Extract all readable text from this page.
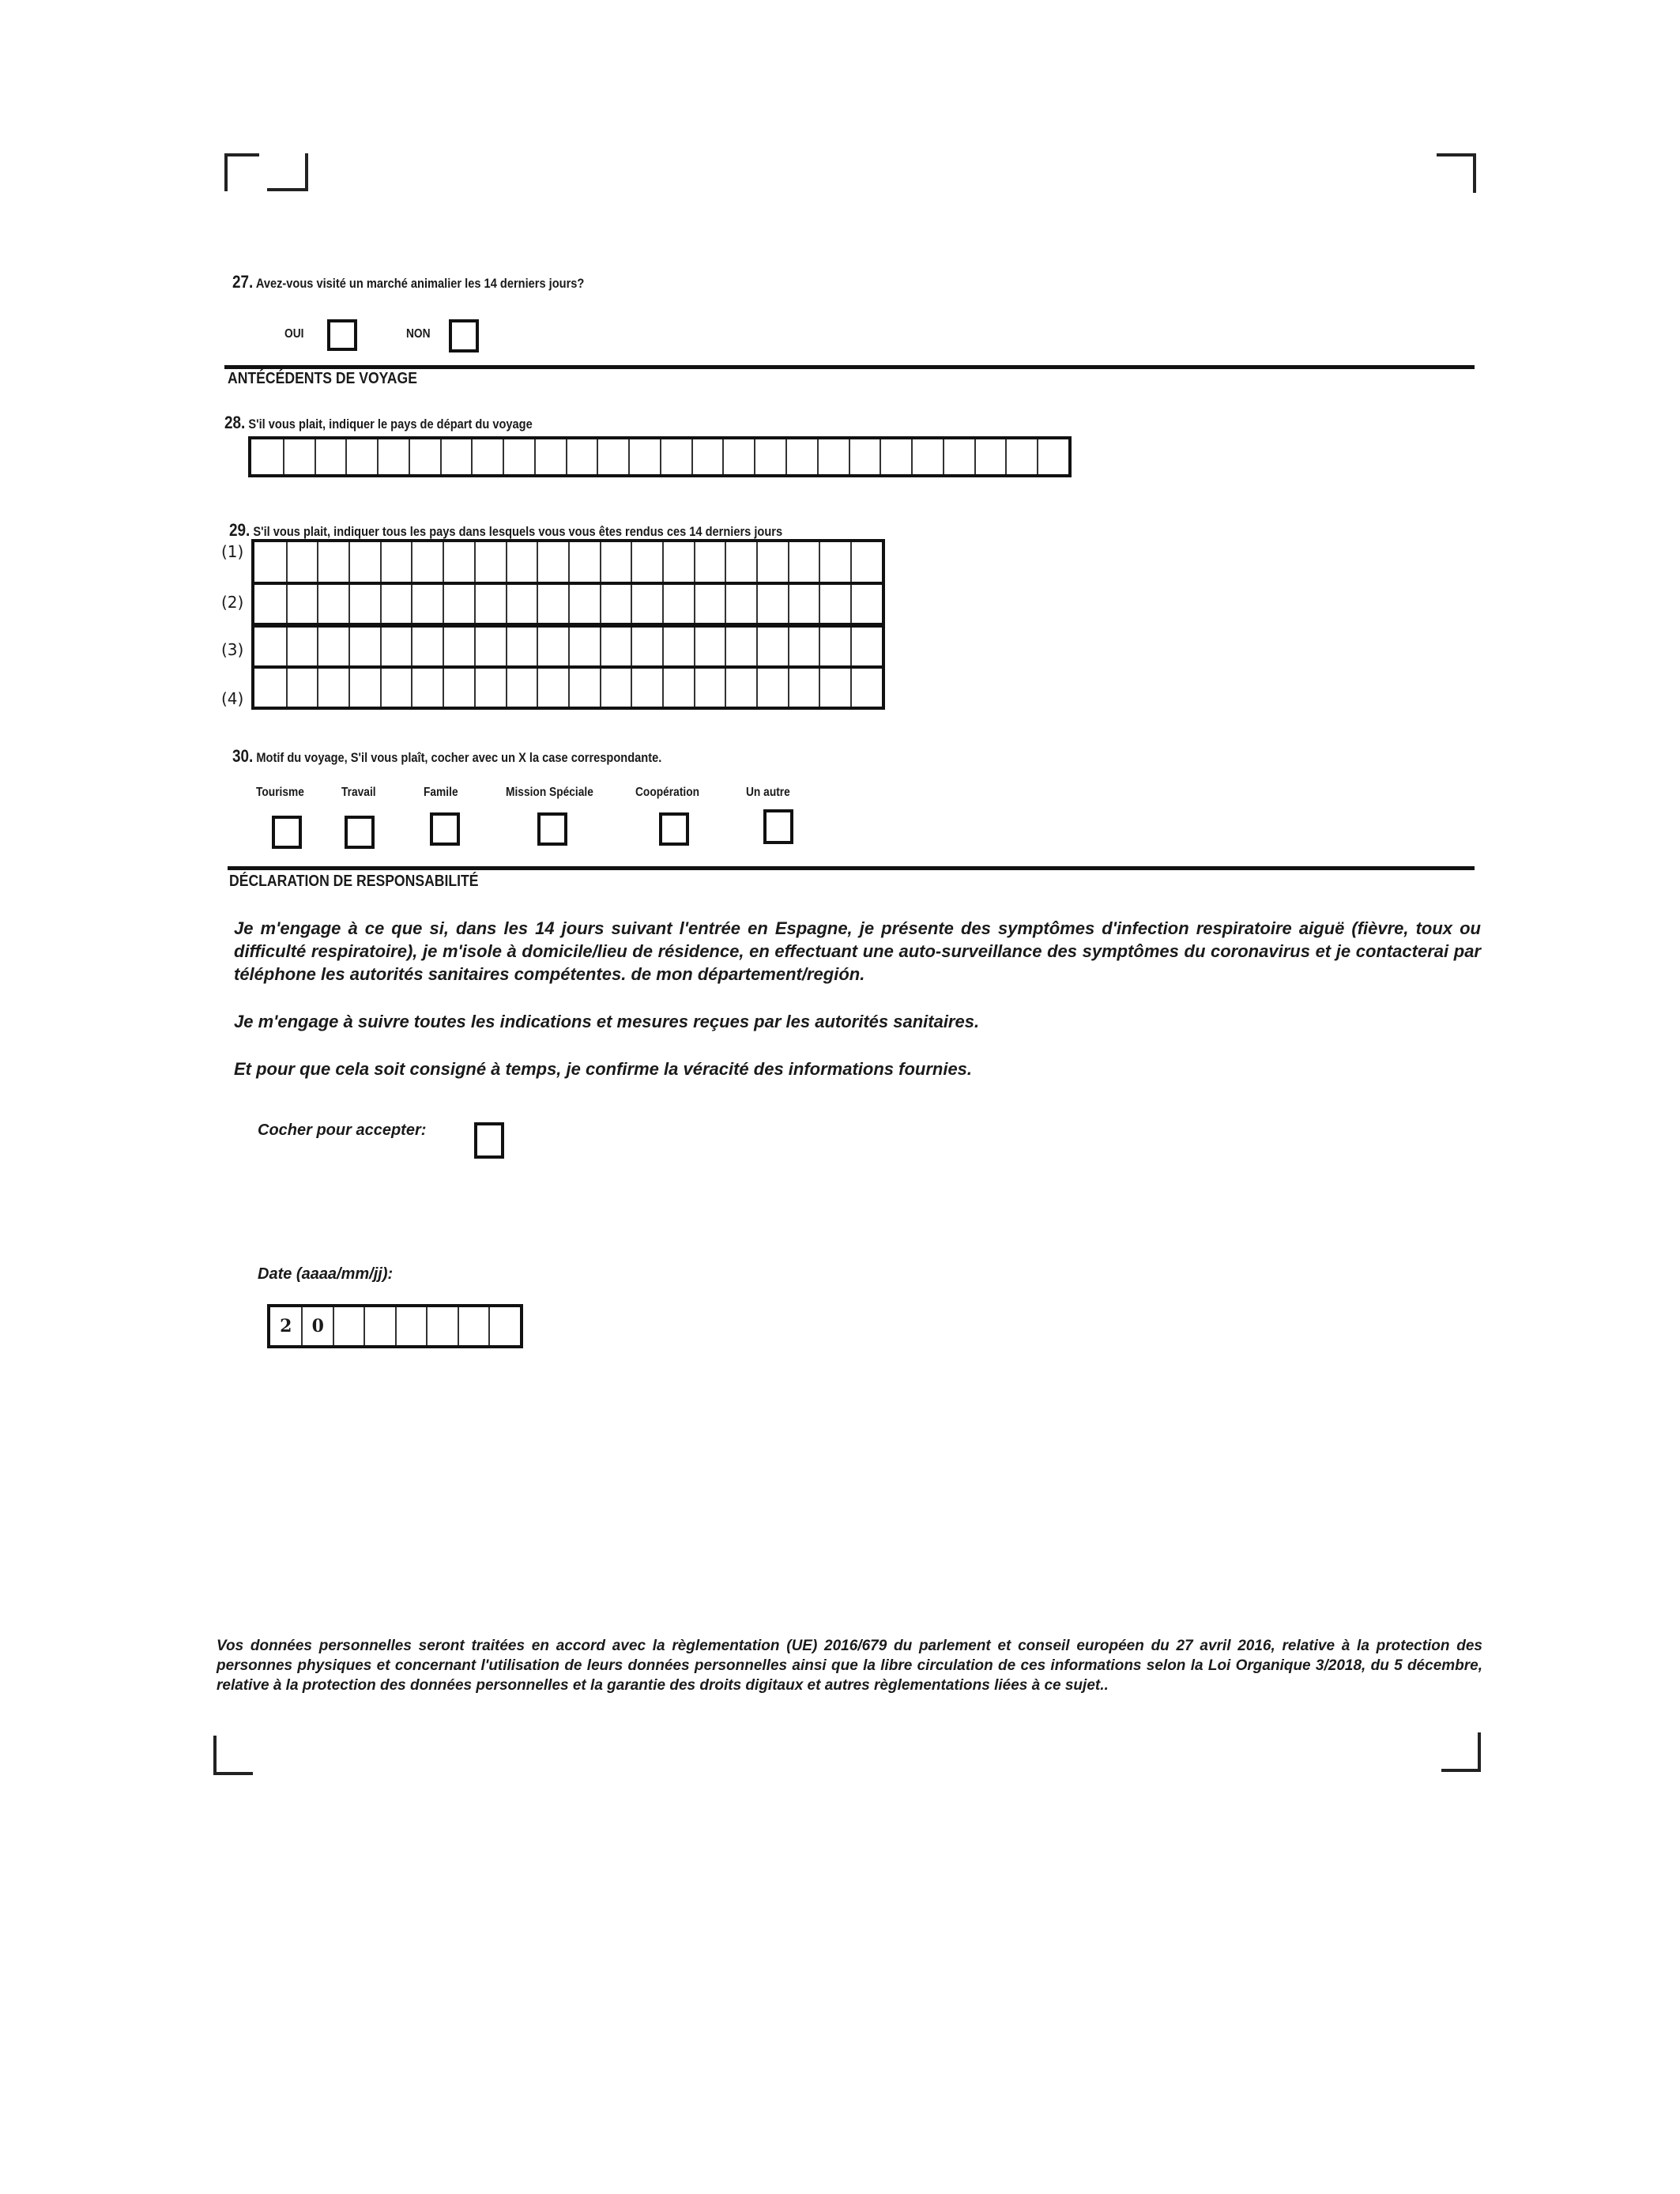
27. Avez-vous visité un marché animalier les 14 derniers jours?
OUI	NON
ANTÉCÉDENTS DE VOYAGE
28. S'il vous plait, indiquer le pays de départ du voyage
29. S'il vous plait, indiquer tous les pays dans lesquels vous vous êtes rendus ces 14 derniers jours
(1)
(2)
(3)
(4)
30. Motif du voyage, S'il vous plaît, cocher avec un X la case correspondante.
Tourisme	Travail	Famile	Mission Spéciale	Coopération	Un autre
DÉCLARATION DE RESPONSABILITÉ
Je m'engage à ce que si, dans les 14 jours suivant l'entrée en Espagne, je présente des symptômes d'infection respiratoire aiguë (fièvre, toux ou difficulté respiratoire), je m'isole à domicile/lieu de résidence, en effectuant une auto-surveillance des symptômes du coronavirus et je contacterai par téléphone les autorités sanitaires compétentes. de mon département/región.
Je m'engage à suivre toutes les indications et mesures reçues par les autorités sanitaires.
Et pour que cela soit consigné à temps, je confirme la véracité des informations fournies.
Cocher pour accepter:
Date (aaaa/mm/jj):
2	0
Vos données personnelles seront traitées en accord avec la règlementation (UE) 2016/679 du parlement et conseil européen du 27 avril 2016, relative à la protection des personnes physiques et concernant l'utilisation de leurs données personnelles ainsi que la libre circulation de ces informations selon la Loi Organique 3/2018, du 5 décembre, relative à la protection des données personnelles et la garantie des droits digitaux et autres règlementations liées à ce sujet..
